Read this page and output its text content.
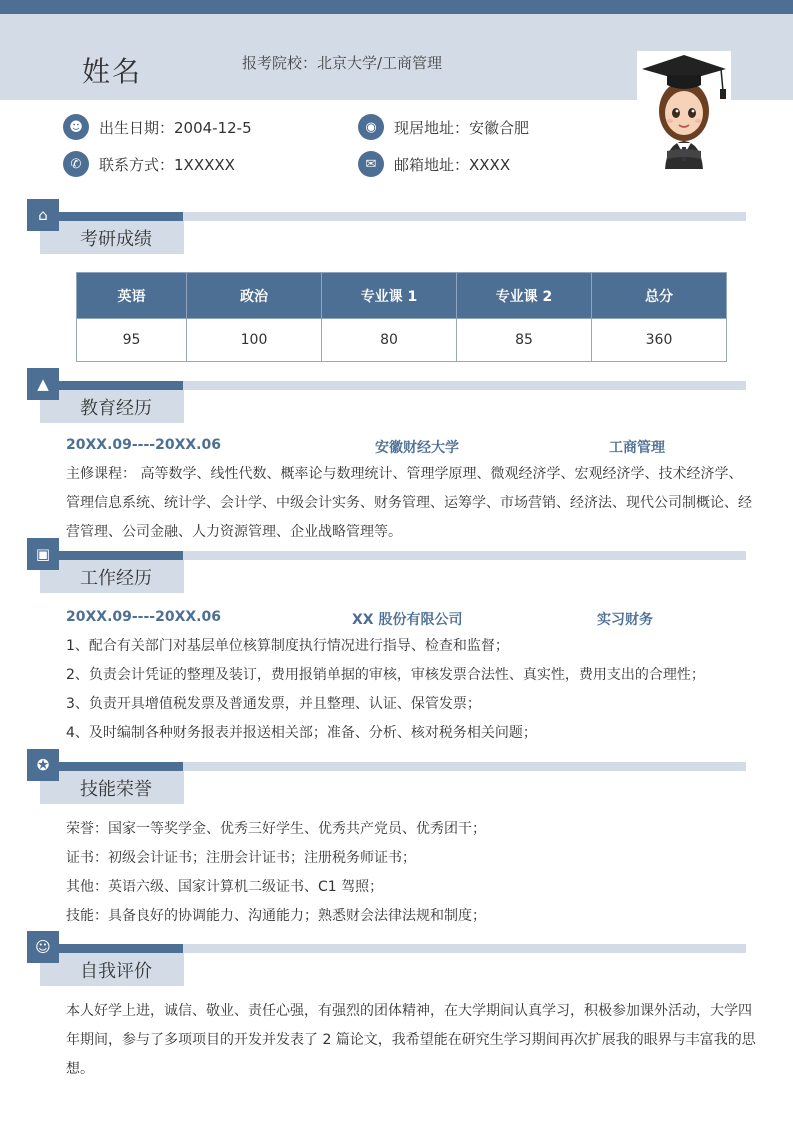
姓名	报考院校：北京大学/工商管理
☻	出生日期：2004-12-5
✆	联系方式：1XXXXX
◉	现居地址：安徽合肥
✉	邮箱地址：XXXX
考研成绩
⌂
英语	政治	专业课 1	专业课 2	总分
95	100	80	85	360
教育经历
▲
20XX.09----20XX.06	安徽财经大学	工商管理
主修课程： 高等数学、线性代数、概率论与数理统计、管理学原理、微观经济学、宏观经济学、技术经济学、管理信息系统、统计学、会计学、中级会计实务、财务管理、运筹学、市场营销、经济法、现代公司制概论、经营管理、公司金融、人力资源管理、企业战略管理等。
工作经历
▣
20XX.09----20XX.06	XX 股份有限公司	实习财务
1、配合有关部门对基层单位核算制度执行情况进行指导、检查和监督；
2、负责会计凭证的整理及装订，费用报销单据的审核，审核发票合法性、真实性，费用支出的合理性；
3、负责开具增值税发票及普通发票，并且整理、认证、保管发票；
4、及时编制各种财务报表并报送相关部；准备、分析、核对税务相关问题；
技能荣誉
✪
荣誉：国家一等奖学金、优秀三好学生、优秀共产党员、优秀团干；
证书：初级会计证书；注册会计证书；注册税务师证书；
其他：英语六级、国家计算机二级证书、C1 驾照；
技能：具备良好的协调能力、沟通能力；熟悉财会法律法规和制度；
自我评价
☺
本人好学上进，诚信、敬业、责任心强，有强烈的团体精神，在大学期间认真学习，积极参加课外活动，大学四年期间，参与了多项项目的开发并发表了 2 篇论文，我希望能在研究生学习期间再次扩展我的眼界与丰富我的思想。
